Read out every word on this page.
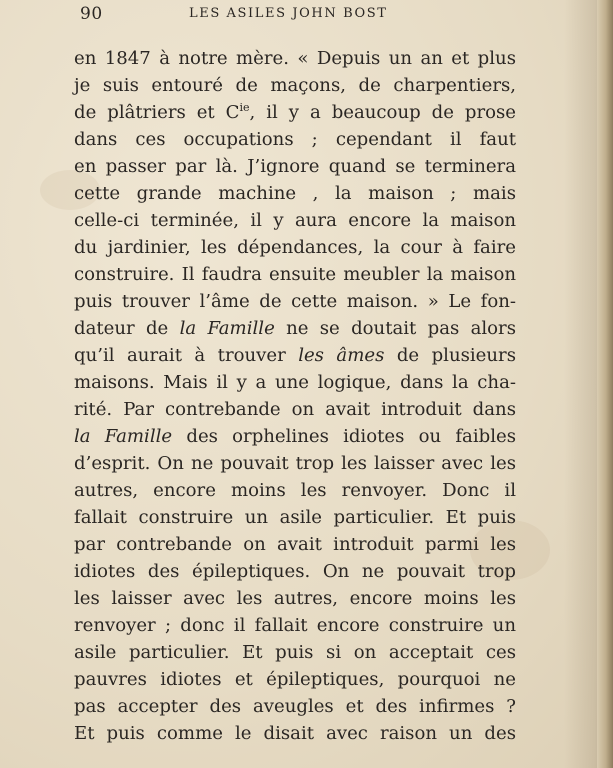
90	LES ASILES JOHN BOST
en 1847 à notre mère. « Depuis un an et plus
je suis entouré de maçons, de charpentiers,
de plâtriers et $C^{ie}$, il y a beaucoup de prose
dans ces occupations ; cependant il faut
en passer par là. J’ignore quand se terminera
cette grande machine , la maison ; mais
celle-ci terminée, il y aura encore la maison
du jardinier, les dépendances, la cour à faire
construire. Il faudra ensuite meubler la maison
puis trouver l’âme de cette maison. » Le fon-
dateur de la Famille ne se doutait pas alors
qu’il aurait à trouver les âmes de plusieurs
maisons. Mais il y a une logique, dans la cha-
rité. Par contrebande on avait introduit dans
la Famille des orphelines idiotes ou faibles
d’esprit. On ne pouvait trop les laisser avec les
autres, encore moins les renvoyer. Donc il
fallait construire un asile particulier. Et puis
par contrebande on avait introduit parmi les
idiotes des épileptiques. On ne pouvait trop
les laisser avec les autres, encore moins les
renvoyer ; donc il fallait encore construire un
asile particulier. Et puis si on acceptait ces
pauvres idiotes et épileptiques, pourquoi ne
pas accepter des aveugles et des infirmes ?
Et puis comme le disait avec raison un des
